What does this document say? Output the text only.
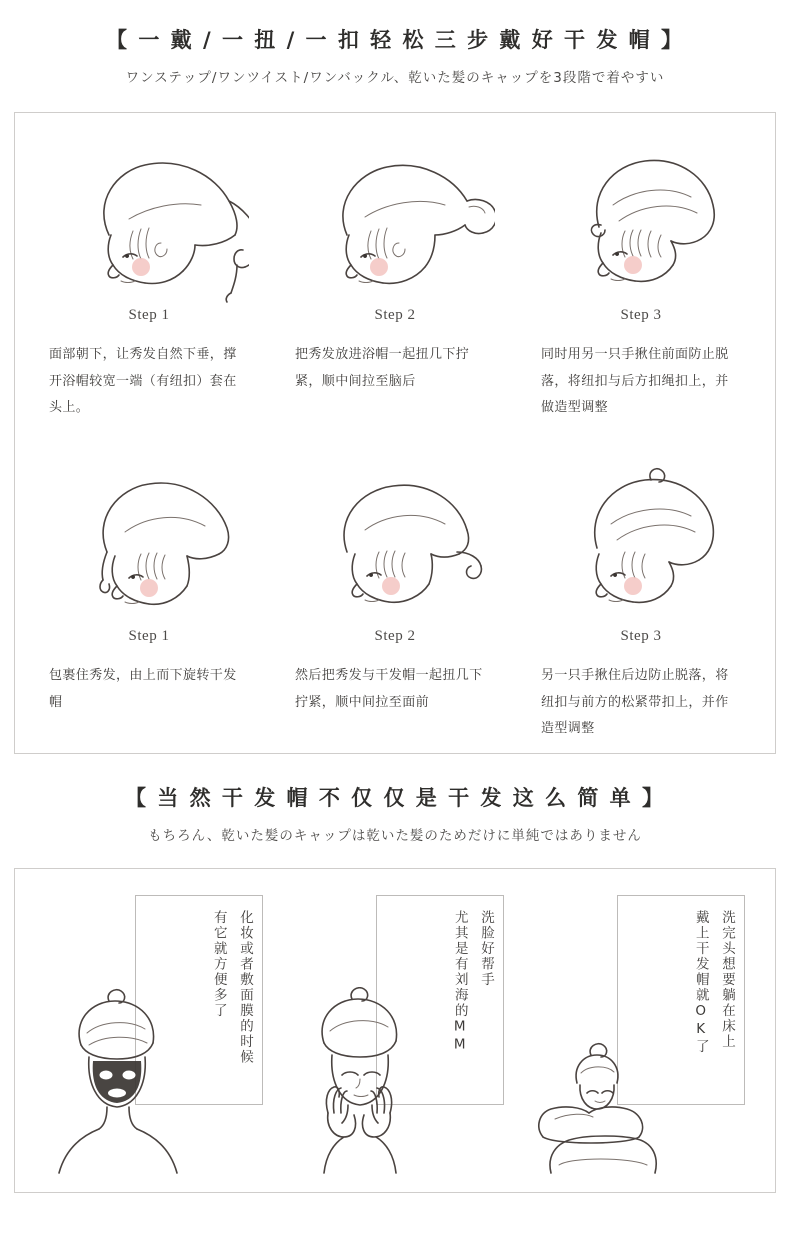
【 一 戴 / 一 扭 / 一 扣 轻 松 三 步 戴 好 干 发 帽 】
ワンステップ/ワンツイスト/ワンバックル、乾いた髪のキャップを3段階で着やすい
Step 1
面部朝下，让秀发自然下垂，撑开浴帽较宽一端（有纽扣）套在头上。
Step 2
把秀发放进浴帽一起扭几下拧紧，顺中间拉至脑后
Step 3
同时用另一只手揪住前面防止脱落，将纽扣与后方扣绳扣上，并做造型调整
Step 1
包裹住秀发，由上而下旋转干发帽
Step 2
然后把秀发与干发帽一起扭几下拧紧，顺中间拉至面前
Step 3
另一只手揪住后边防止脱落，将纽扣与前方的松紧带扣上，并作造型调整
【 当 然 干 发 帽 不 仅 仅 是 干 发 这 么 简 单 】
もちろん、乾いた髪のキャップは乾いた髪のためだけに単純ではありません
化妆或者敷面膜的时候
有它就方便多了	洗脸好帮手
尤其是有刘海的MM	洗完头想要躺在床上
戴上干发帽就OK了
